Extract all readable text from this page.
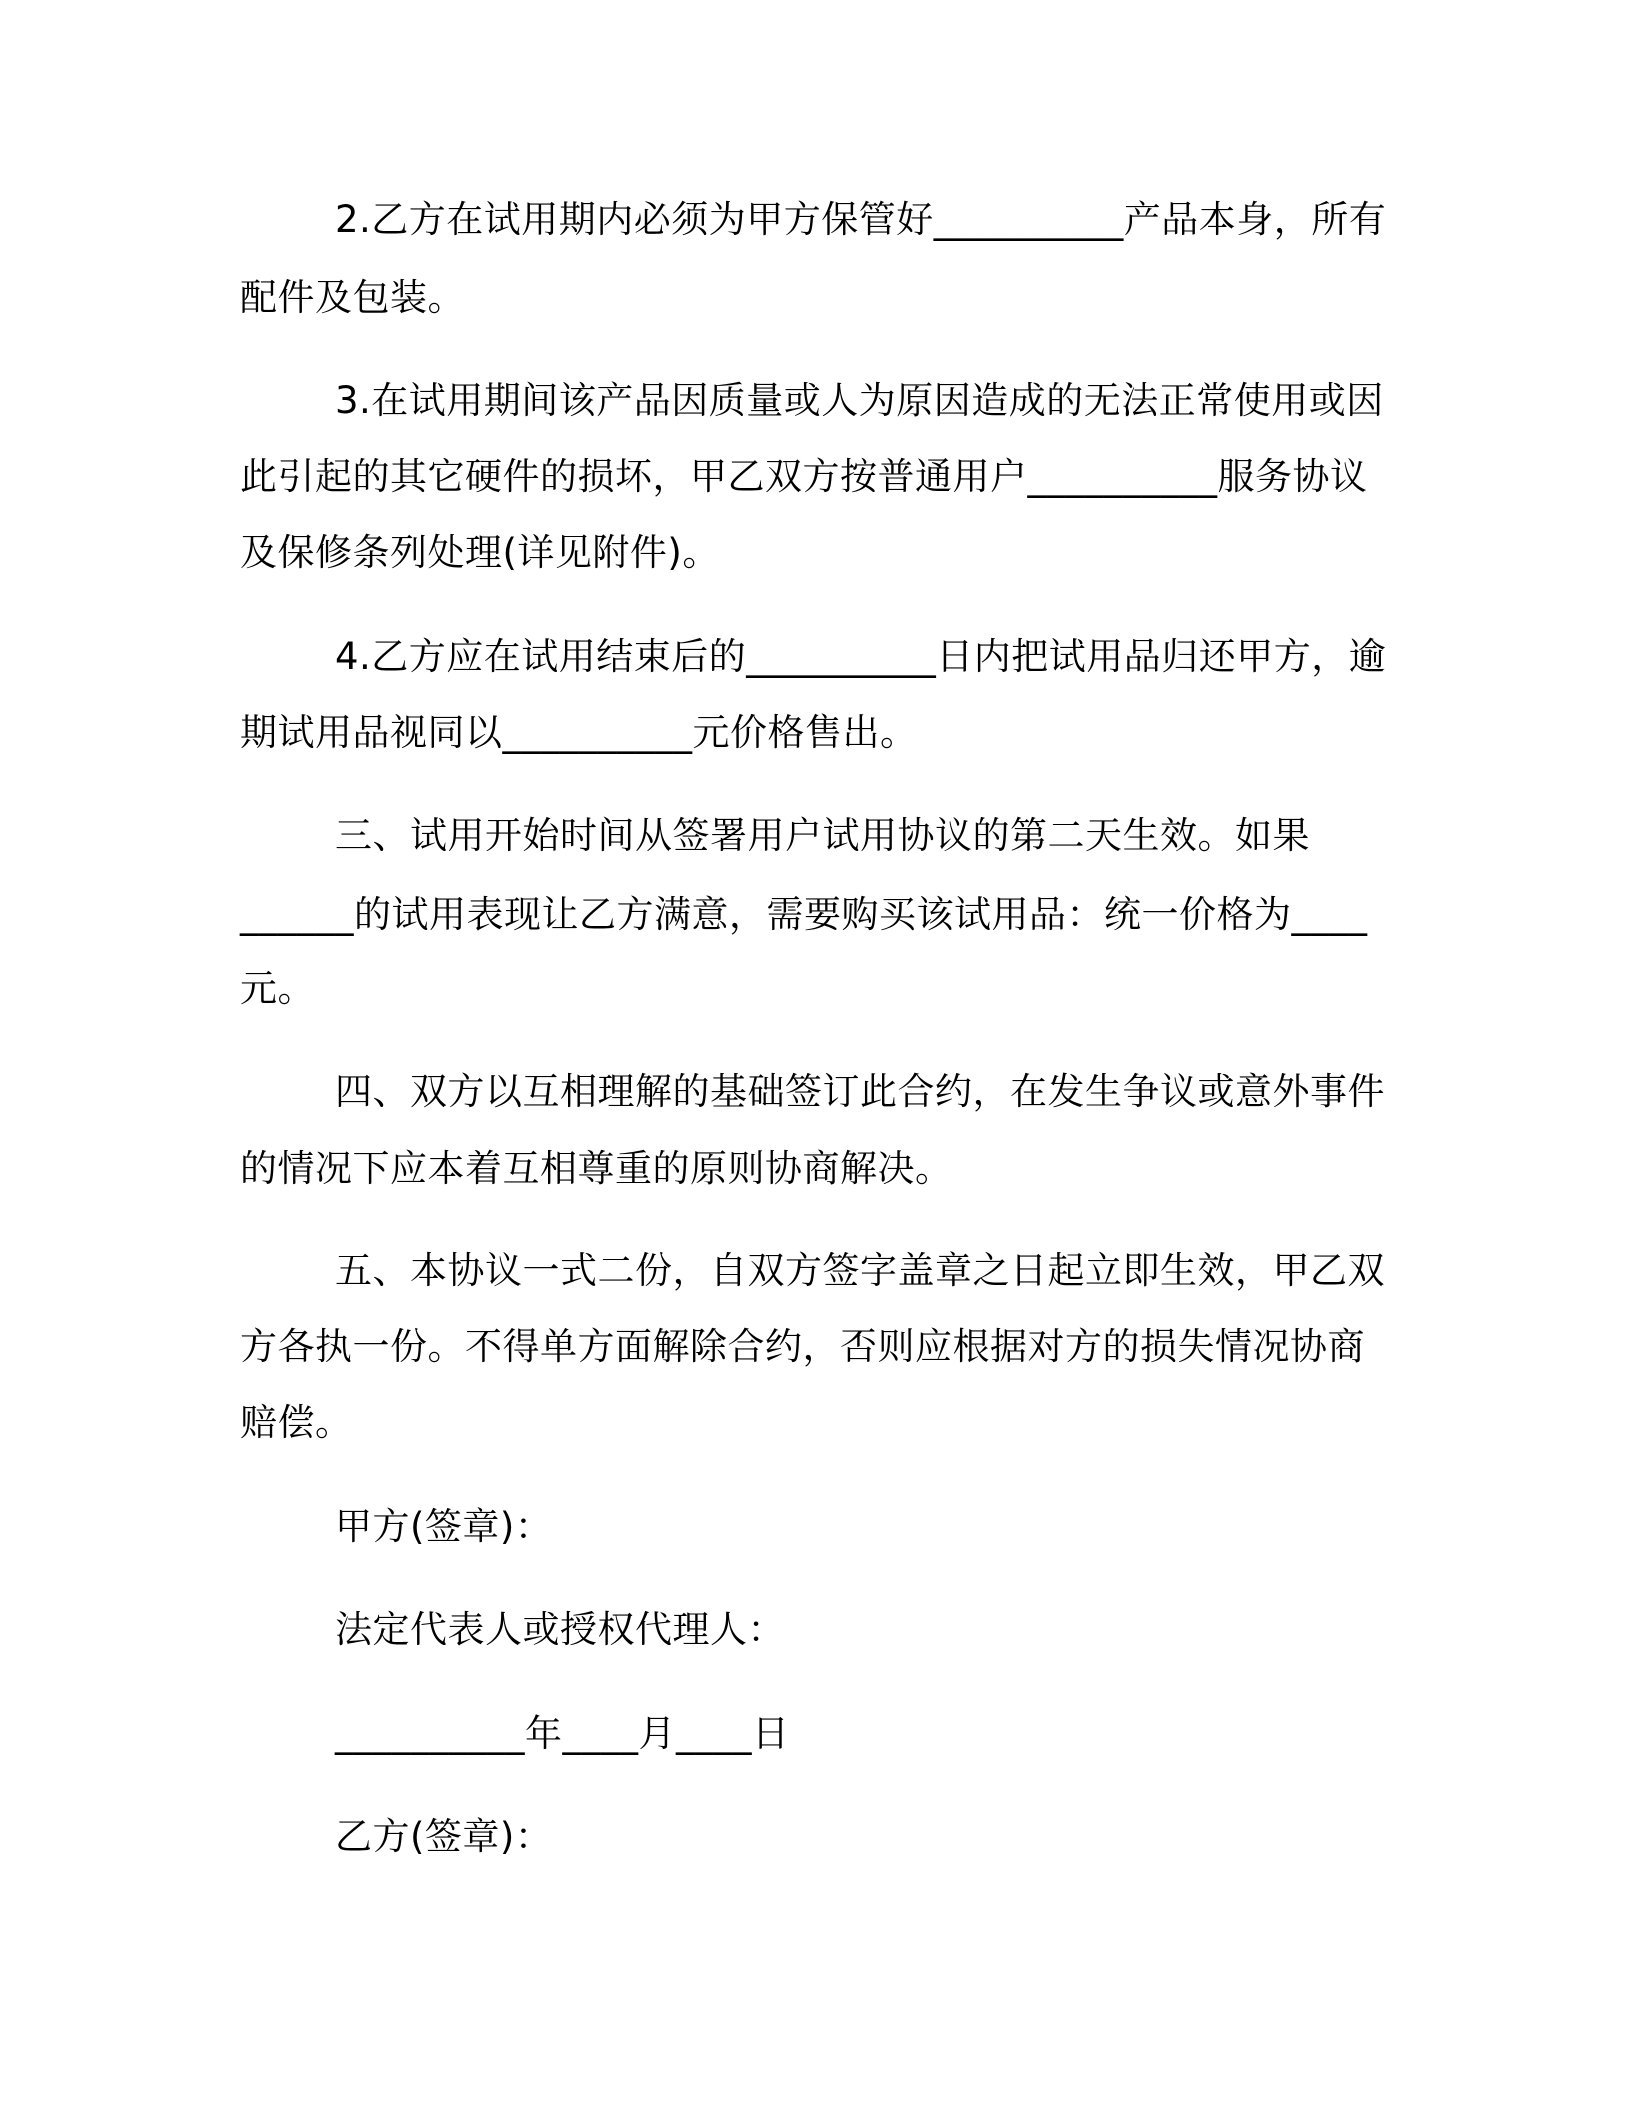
2.乙方在试用期内必须为甲方保管好__________产品本身，所有
配件及包装。
3.在试用期间该产品因质量或人为原因造成的无法正常使用或因
此引起的其它硬件的损坏，甲乙双方按普通用户__________服务协议
及保修条列处理(详见附件)。
4.乙方应在试用结束后的__________日内把试用品归还甲方，逾
期试用品视同以__________元价格售出。
三、试用开始时间从签署用户试用协议的第二天生效。如果
______的试用表现让乙方满意，需要购买该试用品：统一价格为____
元。
四、双方以互相理解的基础签订此合约，在发生争议或意外事件
的情况下应本着互相尊重的原则协商解决。
五、本协议一式二份，自双方签字盖章之日起立即生效，甲乙双
方各执一份。不得单方面解除合约，否则应根据对方的损失情况协商
赔偿。
甲方(签章)：
法定代表人或授权代理人：
__________年____月____日
乙方(签章)：
